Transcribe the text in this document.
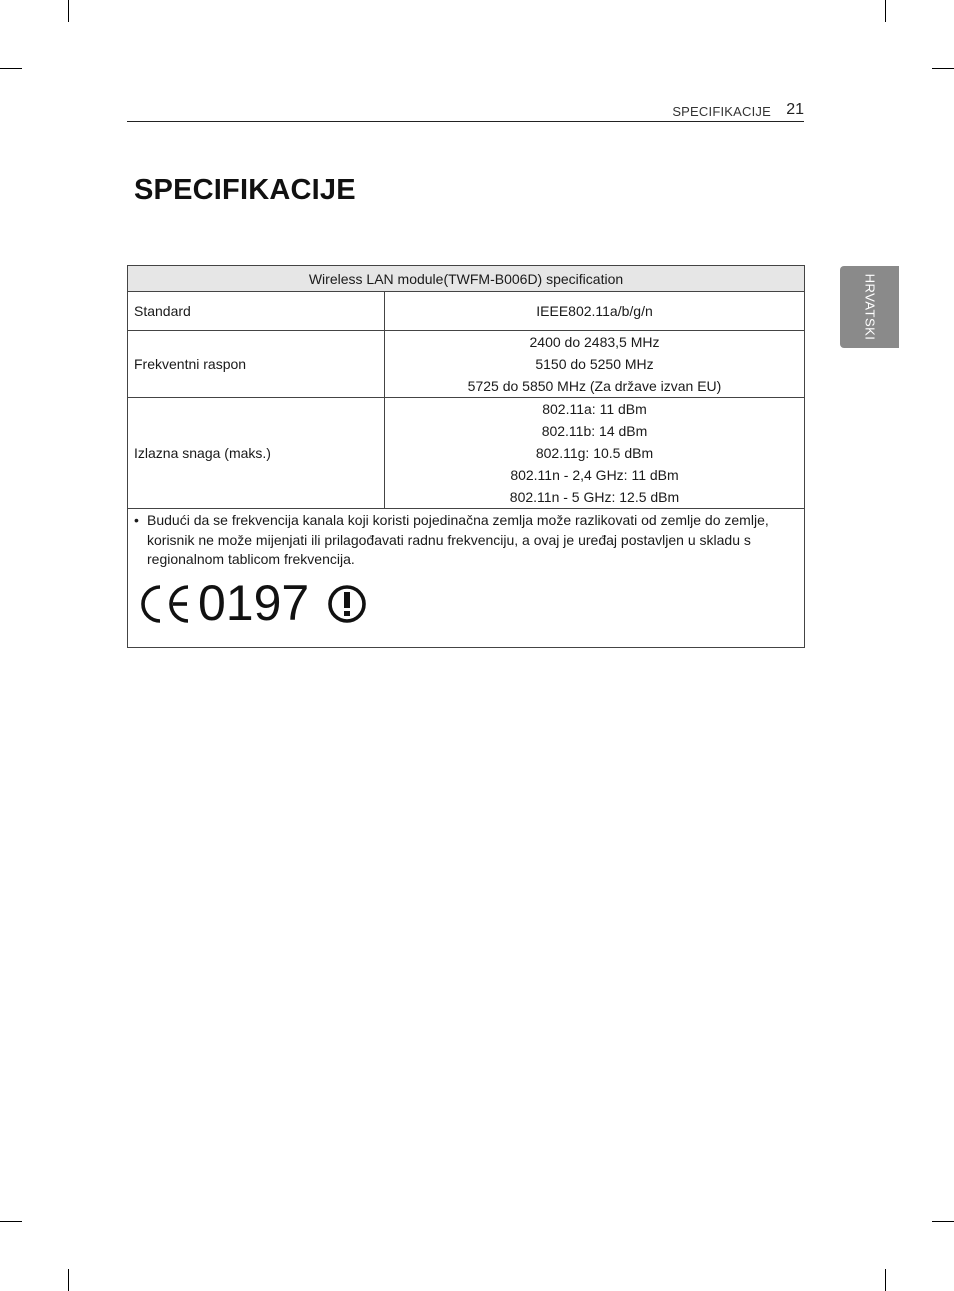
SPECIFIKACIJE 21
SPECIFIKACIJE
HRVATSKI
Wireless LAN module(TWFM-B006D) specification	
Standard	IEEE802.11a/b/g/n

Frekventni raspon	2400 do 2483,5 MHz
5150 do 5250 MHz
5725 do 5850 MHz (Za države izvan EU)

Izlazna snaga (maks.)	802.11a: 11 dBm
802.11b: 14 dBm
802.11g: 10.5 dBm
802.11n - 2,4 GHz: 11 dBm
802.11n - 5 GHz: 12.5 dBm

• Budući da se frekvencija kanala koji koristi pojedinačna zemlja može razlikovati od zemlje do zemlje, korisnik ne može mijenjati ili prilagođavati radnu frekvenciju, a ovaj je uređaj postavljen u skladu s regionalnom tablicom frekvencija.
0197	
